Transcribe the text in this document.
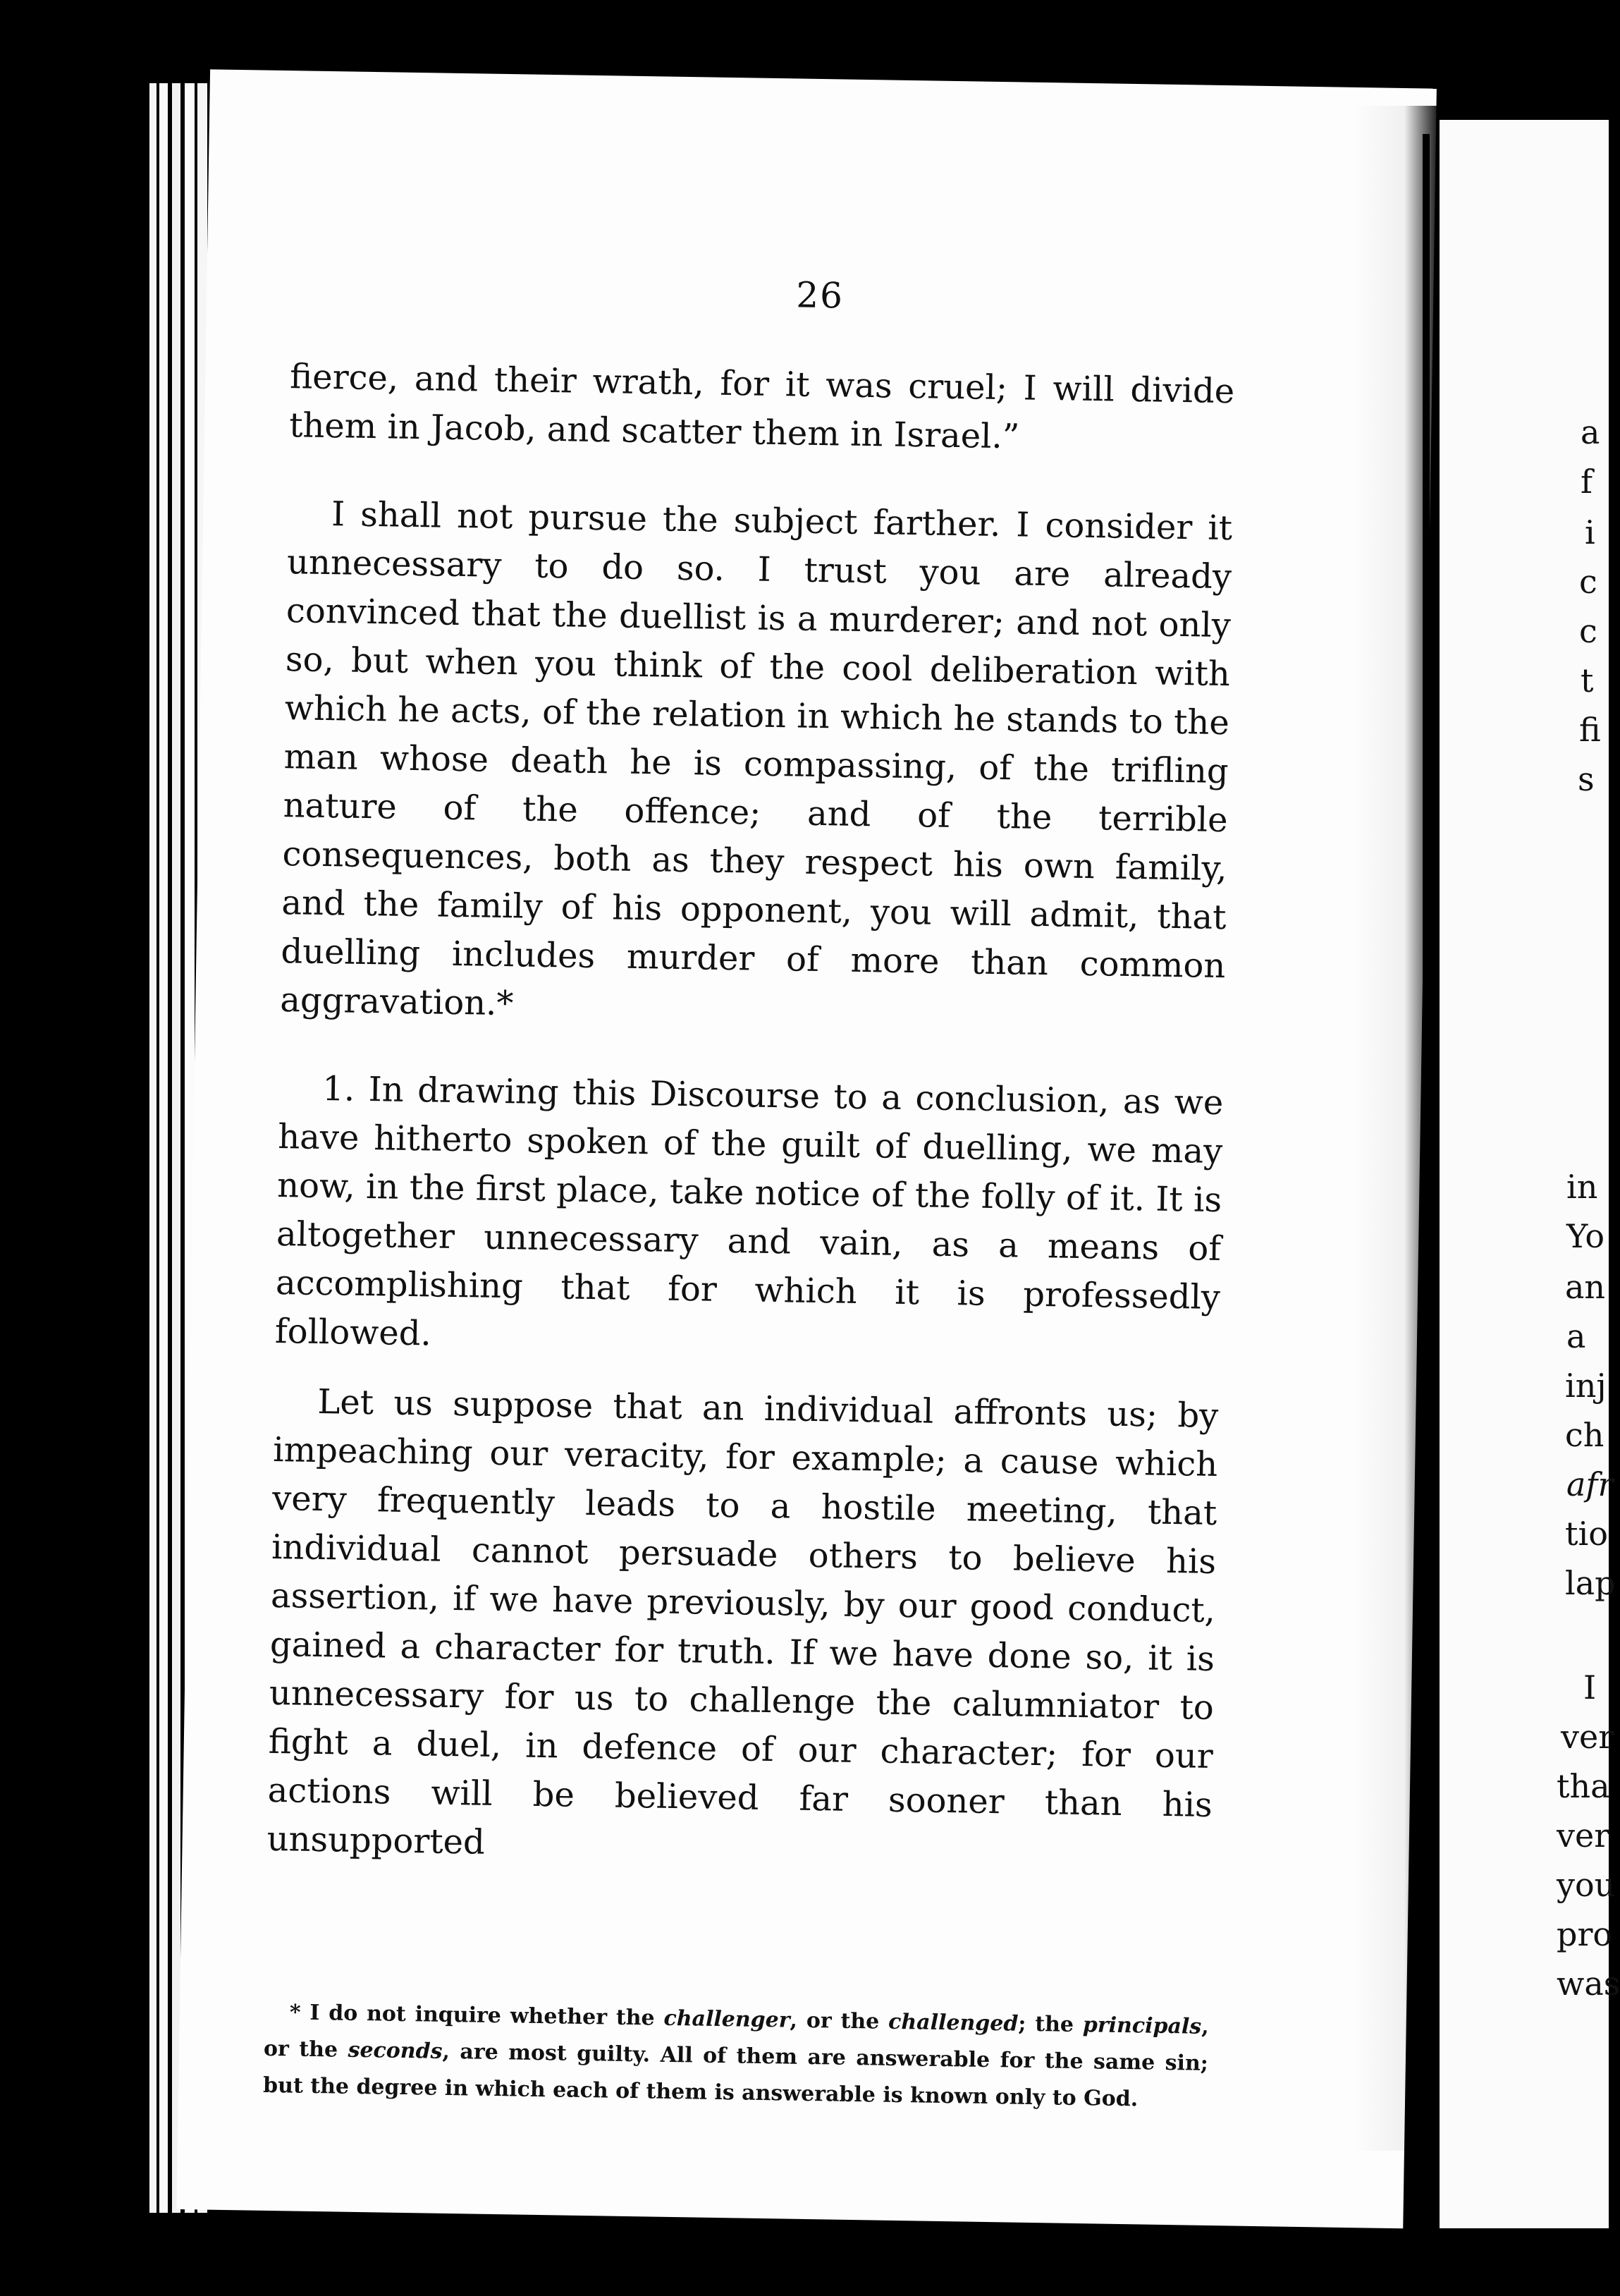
26

fierce, and their wrath, for it was cruel; I will divide them in Jacob, and scatter them in Israel.”

I shall not pursue the subject farther. I consider it unnecessary to do so. I trust you are already convinced that the duellist is a murderer; and not only so, but when you think of the cool deliberation with which he acts, of the relation in which he stands to the man whose death he is compassing, of the trifling nature of the offence; and of the terrible consequences, both as they respect his own family, and the family of his opponent, you will admit, that duelling includes murder of more than common aggravation.*

1. In drawing this Discourse to a conclusion, as we have hitherto spoken of the guilt of duelling, we may now, in the first place, take notice of the folly of it. It is altogether unnecessary and vain, as a means of accomplishing that for which it is professedly followed.

Let us suppose that an individual affronts us; by impeaching our veracity, for example; a cause which very frequently leads to a hostile meeting, that individual cannot persuade others to believe his assertion, if we have previously, by our good conduct, gained a character for truth. If we have done so, it is unnecessary for us to challenge the calumniator to fight a duel, in defence of our character; for our actions will be believed far sooner than his unsupported

* I do not inquire whether the challenger, or the challenged; the principals, or the seconds, are most guilty. All of them are answerable for the same sin; but the degree in which each of them is answerable is known only to God.

a
f
i
c
c
t
fi
s
in
Yo
an
a
inj
ch
afr
tio
lap
I
ver
tha
ver
you
pro
was
